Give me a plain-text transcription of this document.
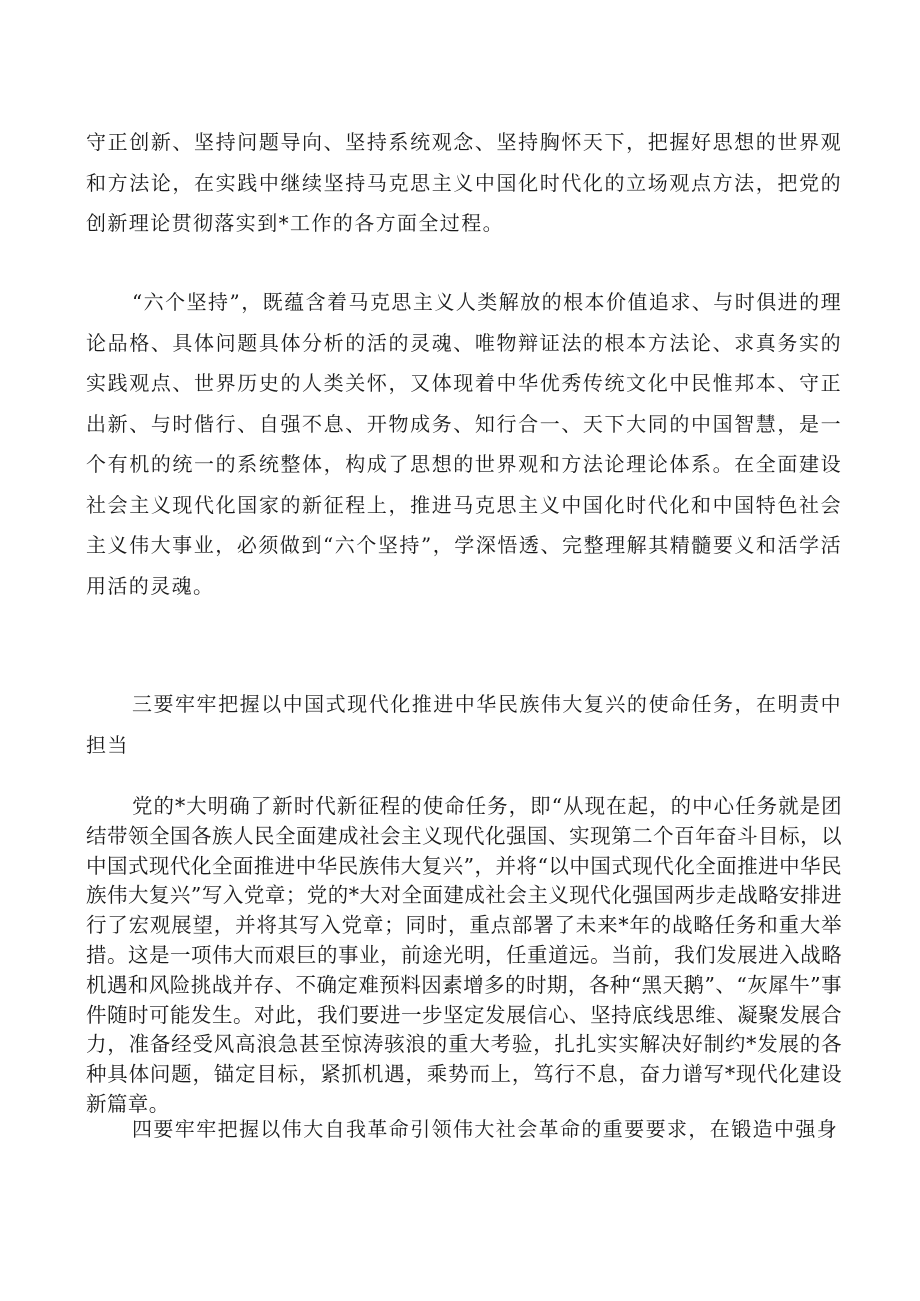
守正创新、坚持问题导向、坚持系统观念、坚持胸怀天下，把握好思想的世界观和方法论，在实践中继续坚持马克思主义中国化时代化的立场观点方法，把党的创新理论贯彻落实到*工作的各方面全过程。

“六个坚持”，既蕴含着马克思主义人类解放的根本价值追求、与时俱进的理论品格、具体问题具体分析的活的灵魂、唯物辩证法的根本方法论、求真务实的实践观点、世界历史的人类关怀，又体现着中华优秀传统文化中民惟邦本、守正出新、与时偕行、自强不息、开物成务、知行合一、天下大同的中国智慧，是一个有机的统一的系统整体，构成了思想的世界观和方法论理论体系。在全面建设社会主义现代化国家的新征程上，推进马克思主义中国化时代化和中国特色社会主义伟大事业，必须做到“六个坚持”，学深悟透、完整理解其精髓要义和活学活用活的灵魂。

三要牢牢把握以中国式现代化推进中华民族伟大复兴的使命任务，在明责中担当

党的*大明确了新时代新征程的使命任务，即“从现在起，的中心任务就是团结带领全国各族人民全面建成社会主义现代化强国、实现第二个百年奋斗目标，以中国式现代化全面推进中华民族伟大复兴”，并将“以中国式现代化全面推进中华民族伟大复兴”写入党章；党的*大对全面建成社会主义现代化强国两步走战略安排进行了宏观展望，并将其写入党章；同时，重点部署了未来*年的战略任务和重大举措。这是一项伟大而艰巨的事业，前途光明，任重道远。当前，我们发展进入战略机遇和风险挑战并存、不确定难预料因素增多的时期，各种“黑天鹅”、“灰犀牛”事件随时可能发生。对此，我们要进一步坚定发展信心、坚持底线思维、凝聚发展合力，准备经受风高浪急甚至惊涛骇浪的重大考验，扎扎实实解决好制约*发展的各种具体问题，锚定目标，紧抓机遇，乘势而上，笃行不息，奋力谱写*现代化建设新篇章。

四要牢牢把握以伟大自我革命引领伟大社会革命的重要要求，在锻造中强身
